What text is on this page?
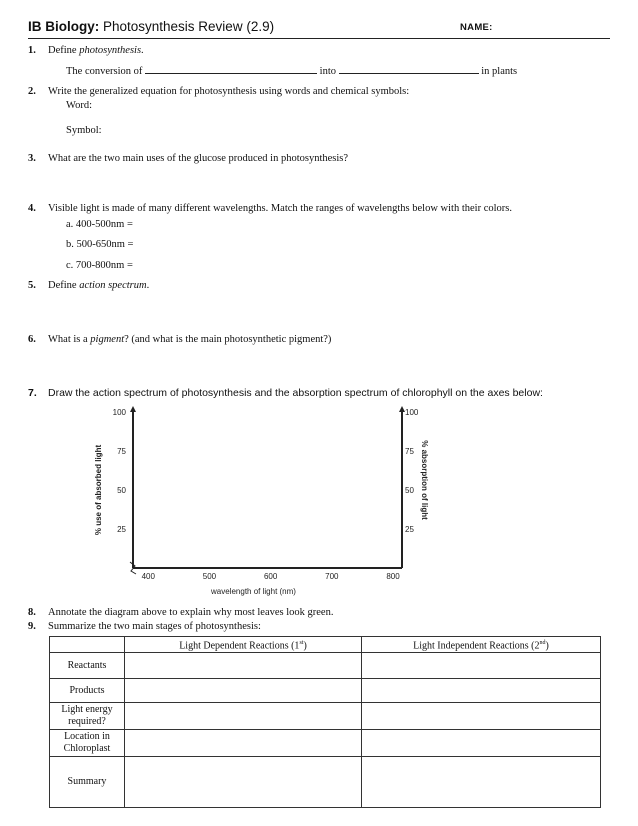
IB Biology: Photosynthesis Review (2.9)	NAME:
1. Define photosynthesis.
The conversion of	into	in plants
2. Write the generalized equation for photosynthesis using words and chemical symbols:
Word:
Symbol:
3. What are the two main uses of the glucose produced in photosynthesis?
4. Visible light is made of many different wavelengths. Match the ranges of wavelengths below with their colors.
a. 400-500nm =
b. 500-650nm =
c. 700-800nm =
5. Define action spectrum.
6. What is a pigment? (and what is the main photosynthetic pigment?)
7. Draw the action spectrum of photosynthesis and the absorption spectrum of chlorophyll on the axes below:
100
75
50
25
100
75
50
25
400	500	600	700	800
wavelength of light (nm)
% use of absorbed light	% absorption of light
8. Annotate the diagram above to explain why most leaves look green.
9. Summarize the two main stages of photosynthesis:
	Light Dependent Reactions (1st)	Light Independent Reactions (2nd)
Reactants		
Products		
Light energy required?		
Location in Chloroplast		
Summary		
